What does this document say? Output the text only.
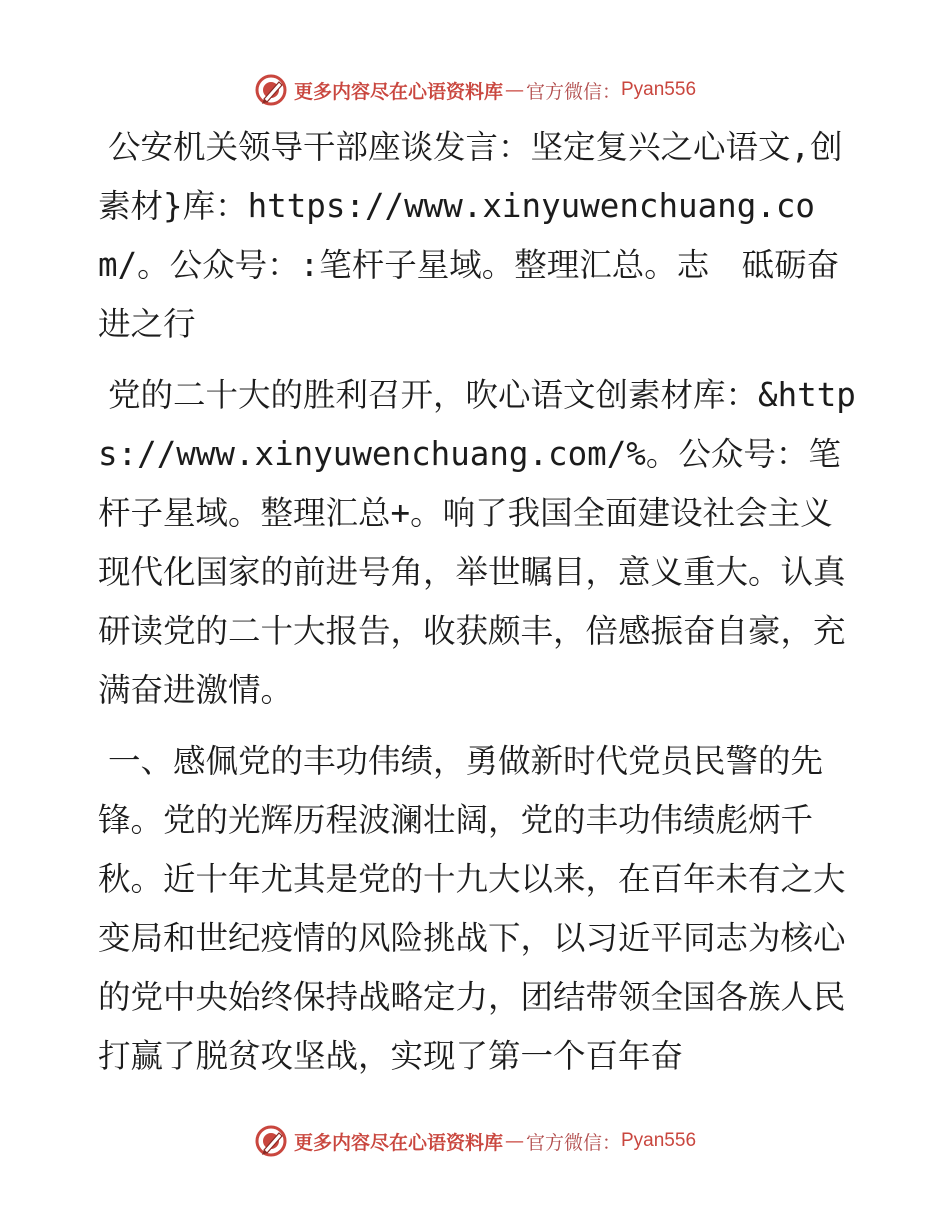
更多内容尽在心语资料库 — 官方微信： Pyan556

公安机关领导干部座谈发言：坚定复兴之心语文,创素材}库：https://www.xinyuwenchuang.com/。公众号：:笔杆子星域。整理汇总。志　砥砺奋进之行

党的二十大的胜利召开，吹心语文创素材库：&https://www.xinyuwenchuang.com/%。公众号：笔杆子星域。整理汇总+。响了我国全面建设社会主义现代化国家的前进号角，举世瞩目，意义重大。认真研读党的二十大报告，收获颇丰，倍感振奋自豪，充满奋进激情。

一、感佩党的丰功伟绩，勇做新时代党员民警的先锋。党的光辉历程波澜壮阔，党的丰功伟绩彪炳千秋。近十年尤其是党的十九大以来，在百年未有之大变局和世纪疫情的风险挑战下，以习近平同志为核心的党中央始终保持战略定力，团结带领全国各族人民打赢了脱贫攻坚战，实现了第一个百年奋

更多内容尽在心语资料库 — 官方微信： Pyan556
